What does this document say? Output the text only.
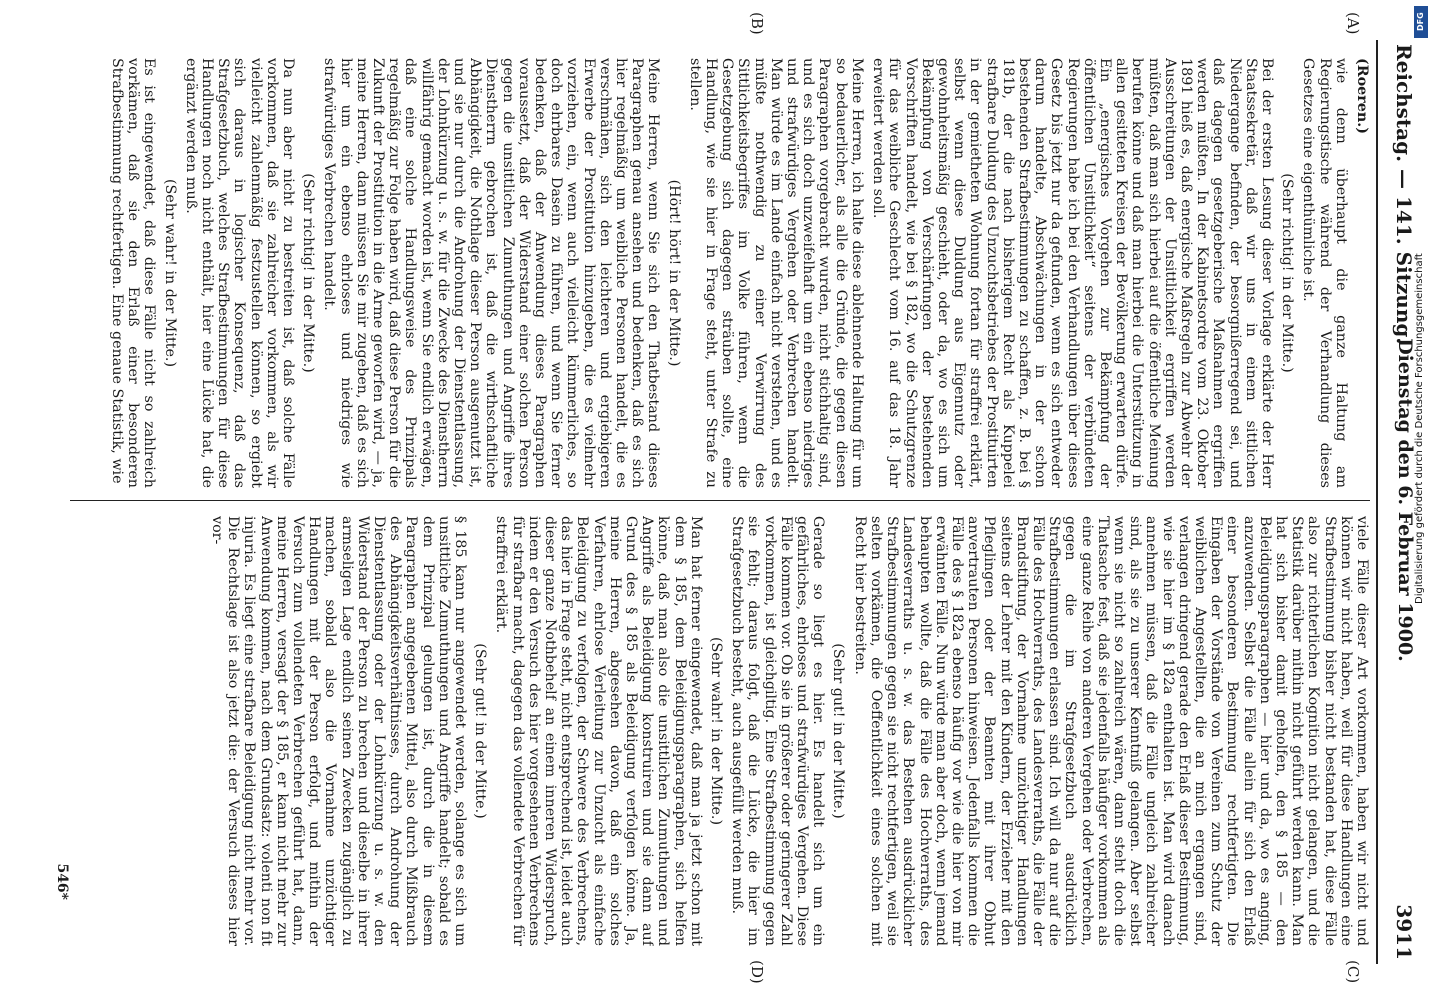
Reichstag. — 141. Sitzung.
Dienstag den 6. Februar 1900.
3911
(A)
(B)
(C)
(D)

(Roeren.)

wie denn überhaupt die ganze Haltung am Regierungstische während der Verhandlung dieses Gesetzes eine eigenthümliche ist.

(Sehr richtig! in der Mitte.)

Bei der ersten Lesung dieser Vorlage erklärte der Herr Staatssekretär, daß wir uns in einem sittlichen Niedergange befinden, der besorgnißerregend sei, und daß dagegen gesetzgeberische Maßnahmen ergriffen werden müßten. In der Kabinetsordre vom 23. Oktober 1891 hieß es, daß energische Maßregeln zur Abwehr der Ausschreitungen der Unsittlichkeit ergriffen werden müßten, daß man sich hierbei auf die öffentliche Meinung berufen könne und daß man hierbei die Unterstützung in allen gesitteten Kreisen der Bevölkerung erwarten dürfe. Ein „energisches Vorgehen zur Bekämpfung der öffentlichen Unsittlichkeit“ seitens der verbündeten Regierungen habe ich bei den Verhandlungen über dieses Gesetz bis jetzt nur da gefunden, wenn es sich entweder darum handelte, Abschwächungen in der schon bestehenden Strafbestimmungen zu schaffen, z. B. bei § 181b, der die nach bisherigem Recht als Kuppelei strafbare Duldung des Unzuchtsbetriebes der Prostituirten in der gemietheten Wohnung fortan für straffrei erklärt, selbst wenn diese Duldung aus Eigennutz oder gewohnheitsmäßig geschieht, oder da, wo es sich um Bekämpfung von Verschärfungen der bestehenden Vorschriften handelt, wie bei § 182, wo die Schutzgrenze für das weibliche Geschlecht vom 16. auf das 18. Jahr erweitert werden soll.

Meine Herren, ich halte diese ablehnende Haltung für um so bedauerlicher, als alle die Gründe, die gegen diesen Paragraphen vorgebracht wurden, nicht stichhaltig sind, und es sich doch unzweifelhaft um ein ebenso niedriges und strafwürdiges Vergehen oder Verbrechen handelt. Man würde es im Lande einfach nicht verstehen, und es müßte nothwendig zu einer Verwirrung des Sittlichkeitsbegriffes im Volke führen, wenn die Gesetzgebung sich dagegen sträuben sollte, eine Handlung, wie sie hier in Frage steht, unter Strafe zu stellen.

(Hört! hört! in der Mitte.)

Meine Herren, wenn Sie sich den Thatbestand dieses Paragraphen genau ansehen und bedenken, daß es sich hier regelmäßig um weibliche Personen handelt, die es verschmähen, sich den leichteren und ergiebigeren Erwerbe der Prostitution hinzugeben, die es vielmehr vorziehen, ein, wenn auch vielleicht kümmerliches, so doch ehrbares Dasein zu führen, und wenn Sie ferner bedenken, daß der Anwendung dieses Paragraphen voraussetzt, daß der Widerstand einer solchen Person gegen die unsittlichen Zumuthungen und Angriffe ihres Dienstherrn gebrochen ist, daß die wirthschaftliche Abhängigkeit, die Nothlage dieser Person ausgenutzt ist, und sie nur durch die Androhung der Dienstentlassung, der Lohnkürzung u. s. w. für die Zwecke des Dienstherrn willfährig gemacht worden ist, wenn Sie endlich erwägen, daß eine solche Handlungsweise des Prinzipals regelmäßig zur Folge haben wird, daß diese Person für die Zukunft der Prostitution in die Arme geworfen wird, — ja, meine Herren, dann müssen Sie mir zugeben, daß es sich hier um ein ebenso ehrloses und niedriges wie strafwürdiges Verbrechen handelt.

(Sehr richtig! in der Mitte.)

Da nun aber nicht zu bestreiten ist, daß solche Fälle vorkommen, daß sie zahlreicher vorkommen, als wir vielleicht zahlenmäßig festzustellen können, so ergiebt sich daraus in logischer Konsequenz, daß das Strafgesetzbuch, welches Strafbestimmungen für diese Handlungen noch nicht enthält, hier eine Lücke hat, die ergänzt werden muß.

(Sehr wahr! in der Mitte.)

Es ist eingewendet, daß diese Fälle nicht so zahlreich vorkämen, daß sie den Erlaß einer besonderen Strafbestimmung rechtfertigen. Eine genaue Statistik, wie

viele Fälle dieser Art vorkommen, haben wir nicht und können wir nicht haben, weil für diese Handlungen eine Strafbestimmung bisher nicht bestanden hat, diese Fälle also zur richterlichen Kognition nicht gelangen, und die Statistik darüber mithin nicht geführt werden kann. Man hat sich bisher damit geholfen, den § 185 — den Beleidigungsparagraphen — hier und da, wo es anging, anzuwenden. Selbst die Fälle allein für sich den Erlaß einer besonderen Bestimmung rechtfertigten. Die Eingaben der Vorstände von Vereinen zum Schutz der weiblichen Angestellten, die an mich ergangen sind, verlangen dringend gerade den Erlaß dieser Bestimmung, wie sie hier im § 182a enthalten ist. Man wird danach annehmen müssen, daß die Fälle ungleich zahlreicher sind, als sie zu unserer Kenntniß gelangen. Aber selbst wenn sie nicht so zahlreich wären, dann steht doch die Thatsache fest, daß sie jedenfalls häufiger vorkommen als eine ganze Reihe von anderen Vergehen oder Verbrechen, gegen die im Strafgesetzbuch ausdrücklich Strafbestimmungen erlassen sind. Ich will da nur auf die Fälle des Hochverraths, des Landesverraths, die Fälle der Brandstiftung, der Vornahme unzüchtiger Handlungen seitens der Lehrer mit den Kindern, der Erzieher mit den Pfleglingen oder der Beamten mit ihrer Obhut anvertrauten Personen hinweisen. Jedenfalls kommen die Fälle des § 182a ebenso häufig vor wie die hier von mir erwähnten Fälle. Nun würde man aber doch, wenn jemand behaupten wollte, daß die Fälle des Hochverraths, des Landesverraths u. s. w. das Bestehen ausdrücklicher Strafbestimmungen gegen sie nicht rechtfertigen, weil sie selten vorkämen, die Oeffentlichkeit eines solchen mit Recht hier bestreiten.

(Sehr gut! in der Mitte.)

Gerade so liegt es hier. Es handelt sich um ein gefährliches, ehrloses und strafwürdiges Vergehen. Diese Fälle kommen vor. Ob sie in größerer oder geringerer Zahl vorkommen, ist gleichgiltig. Eine Strafbestimmung gegen sie fehlt; daraus folgt, daß die Lücke, die hier im Strafgesetzbuch besteht, auch ausgefüllt werden muß.

(Sehr wahr! in der Mitte.)

Man hat ferner eingewendet, daß man ja jetzt schon mit dem § 185, dem Beleidigungsparagraphen, sich helfen könne, daß man also die unsittlichen Zumuthungen und Angriffe als Beleidigung konstruiren und sie dann auf Grund des § 185 als Beleidigung verfolgen könne. Ja, meine Herren, abgesehen davon, daß ein solches Verfahren, ehrlose Verleitung zur Unzucht als einfache Beleidigung zu verfolgen, der Schwere des Verbrechens, das hier in Frage steht, nicht entsprechend ist, leidet auch dieser ganze Nothbehelf an einem inneren Widerspruch, indem er den Versuch des hier vorgesehenen Verbrechens für strafbar macht, dagegen das vollendete Verbrechen für straffrei erklärt.

(Sehr gut! in der Mitte.)

§ 185 kann nur angewendet werden, solange es sich um unsittliche Zumuthungen und Angriffe handelt; sobald es dem Prinzipal gelungen ist, durch die in diesem Paragraphen angegebenen Mittel, also durch Mißbrauch des Abhängigkeitsverhältnisses, durch Androhung der Dienstentlassung oder der Lohnkürzung u. s. w. den Widerstand der Person zu brechen und dieselbe in ihrer armseligen Lage endlich seinen Zwecken zugänglich zu machen, sobald also die Vornahme unzüchtiger Handlungen mit der Person erfolgt, und mithin der Versuch zum vollendeten Verbrechen geführt hat, dann, meine Herren, versagt der § 185, er kann nicht mehr zur Anwendung kommen, nach dem Grundsatz: volenti non fit injuria. Es liegt eine strafbare Beleidigung nicht mehr vor. Die Rechtslage ist also jetzt die: der Versuch dieses hier vor-

546*
DFG
Digitalisierung gefördert durch die Deutsche Forschungsgemeinschaft
